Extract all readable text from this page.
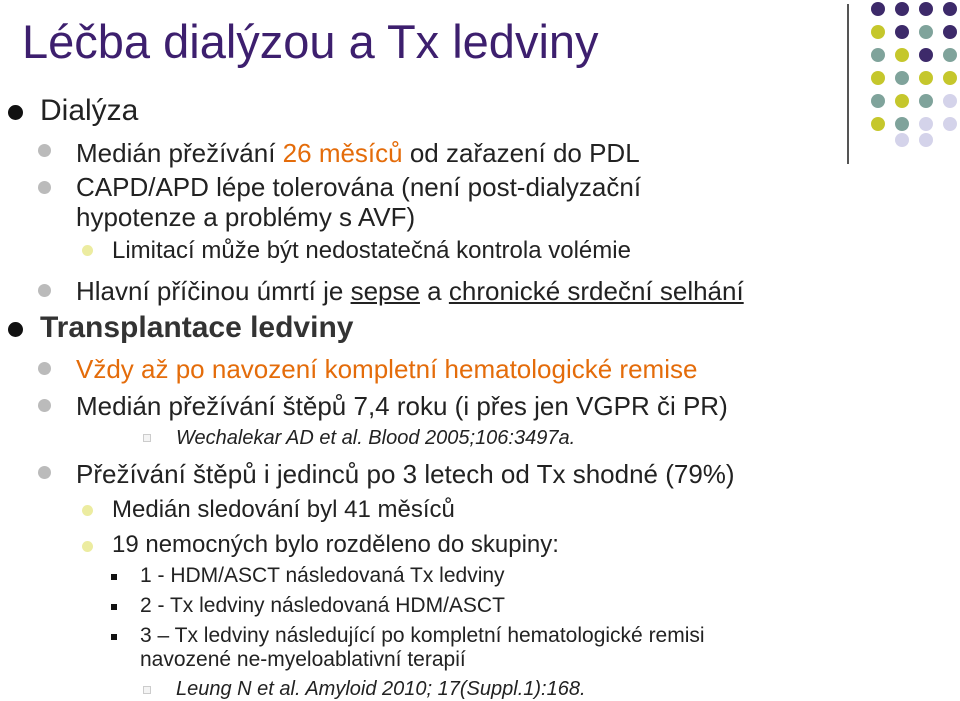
Léčba dialýzou a Tx ledviny
Dialýza
Medián přežívání 26 měsíců od zařazení do PDL
CAPD/APD lépe tolerována (není post-dialyzační
hypotenze a problémy s AVF)
Limitací může být nedostatečná kontrola volémie
Hlavní příčinou úmrtí je sepse a chronické srdeční selhání
Transplantace ledviny
Vždy až po navození kompletní hematologické remise
Medián přežívání štěpů 7,4 roku (i přes jen VGPR či PR)
Wechalekar AD et al. Blood 2005;106:3497a.
Přežívání štěpů i jedinců po 3 letech od Tx shodné (79%)
Medián sledování byl 41 měsíců
19 nemocných bylo rozděleno do skupiny:
1 - HDM/ASCT následovaná Tx ledviny
2 - Tx ledviny následovaná HDM/ASCT
3 – Tx ledviny následující po kompletní hematologické remisi
navozené ne-myeloablativní terapií
Leung N et al. Amyloid 2010; 17(Suppl.1):168.
